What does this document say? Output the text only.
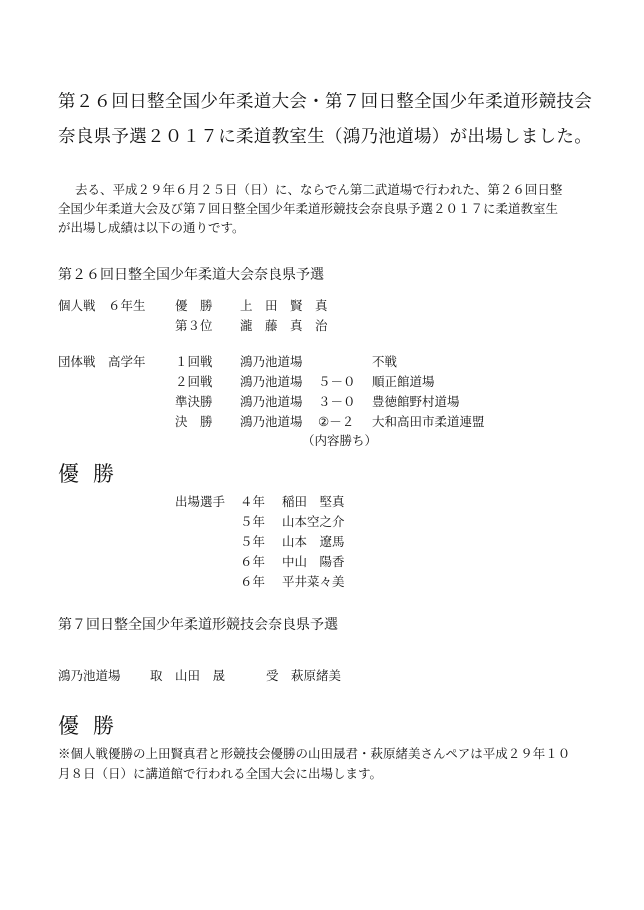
第２６回日整全国少年柔道大会・第７回日整全国少年柔道形競技会
奈良県予選２０１７に柔道教室生（鴻乃池道場）が出場しました。
去る、平成２９年６月２５日（日）に、ならでん第二武道場で行われた、第２６回日整
全国少年柔道大会及び第７回日整全国少年柔道形競技会奈良県予選２０１７に柔道教室生
が出場し成績は以下の通りです。
第２６回日整全国少年柔道大会奈良県予選
個人戦　６年生 優　勝 上　田　賢　真
第３位 瀧　藤　真　治
団体戦　高学年 １回戦 鴻乃池道場	不戦
２回戦 鴻乃池道場 ５－０ 順正館道場
準決勝 鴻乃池道場 ３－０ 豊徳館野村道場
決　勝 鴻乃池道場 ②－２ 大和高田市柔道連盟
（内容勝ち）
優勝
出場選手 ４年 稲田　堅真
５年 山本空之介
５年 山本　遼馬
６年 中山　陽香
６年 平井菜々美
第７回日整全国少年柔道形競技会奈良県予選
鴻乃池道場 取　山田　晟	受　萩原緒美
優勝
※個人戦優勝の上田賢真君と形競技会優勝の山田晟君・萩原緒美さんペアは平成２９年１０
月８日（日）に講道館で行われる全国大会に出場します。
